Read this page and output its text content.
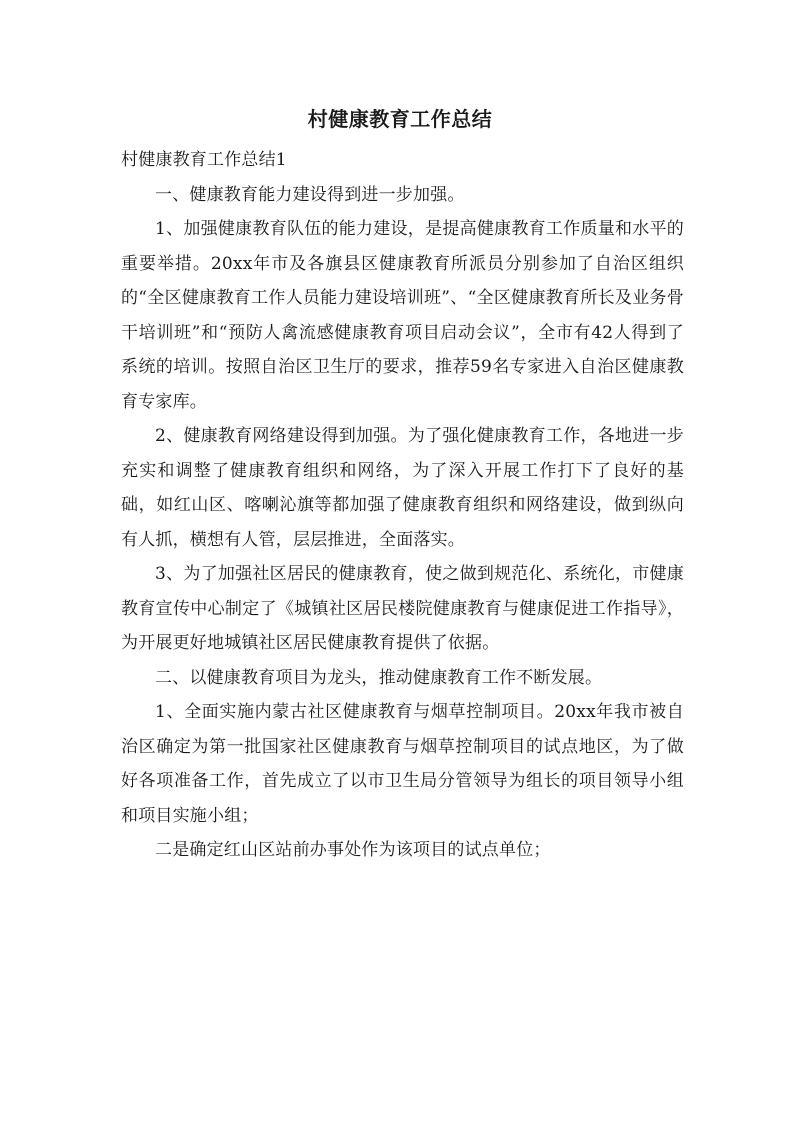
村健康教育工作总结

村健康教育工作总结1

一、健康教育能力建设得到进一步加强。

1、加强健康教育队伍的能力建设，是提高健康教育工作质量和水平的重要举措。20xx年市及各旗县区健康教育所派员分别参加了自治区组织的“全区健康教育工作人员能力建设培训班”、“全区健康教育所长及业务骨干培训班”和“预防人禽流感健康教育项目启动会议”，全市有42人得到了系统的培训。按照自治区卫生厅的要求，推荐59名专家进入自治区健康教育专家库。

2、健康教育网络建设得到加强。为了强化健康教育工作，各地进一步充实和调整了健康教育组织和网络，为了深入开展工作打下了良好的基础，如红山区、喀喇沁旗等都加强了健康教育组织和网络建设，做到纵向有人抓，横想有人管，层层推进，全面落实。

3、为了加强社区居民的健康教育，使之做到规范化、系统化，市健康教育宣传中心制定了《城镇社区居民楼院健康教育与健康促进工作指导》，为开展更好地城镇社区居民健康教育提供了依据。

二、以健康教育项目为龙头，推动健康教育工作不断发展。

1、全面实施内蒙古社区健康教育与烟草控制项目。20xx年我市被自治区确定为第一批国家社区健康教育与烟草控制项目的试点地区，为了做好各项准备工作，首先成立了以市卫生局分管领导为组长的项目领导小组和项目实施小组；

二是确定红山区站前办事处作为该项目的试点单位；
